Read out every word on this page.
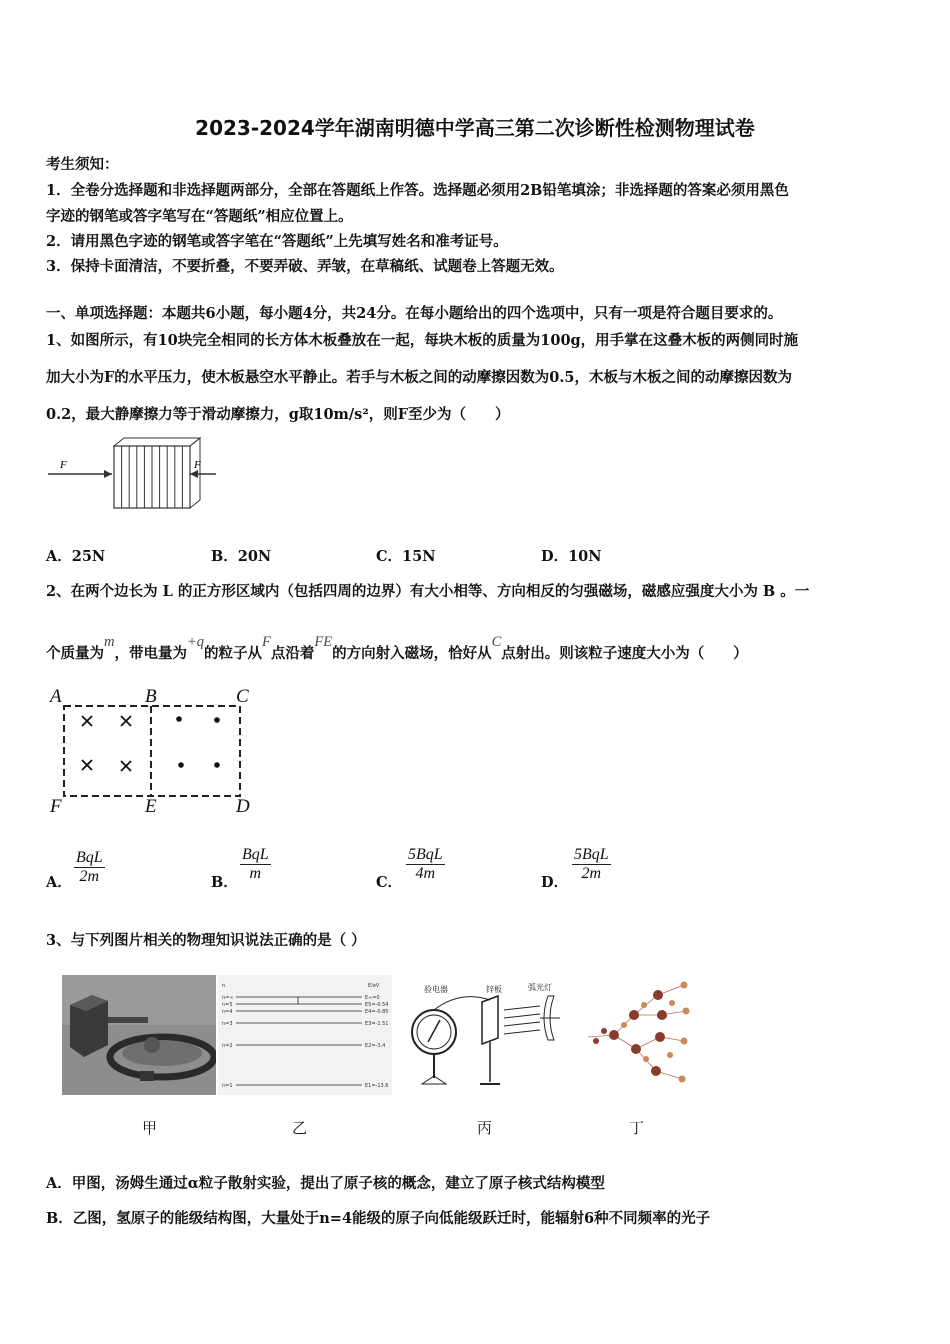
2023-2024学年湖南明德中学高三第二次诊断性检测物理试卷
考生须知：
1．全卷分选择题和非选择题两部分，全部在答题纸上作答。选择题必须用2B铅笔填涂；非选择题的答案必须用黑色
字迹的钢笔或答字笔写在“答题纸”相应位置上。
2．请用黑色字迹的钢笔或答字笔在“答题纸”上先填写姓名和准考证号。
3．保持卡面清洁，不要折叠，不要弄破、弄皱，在草稿纸、试题卷上答题无效。
一、单项选择题：本题共6小题，每小题4分，共24分。在每小题给出的四个选项中，只有一项是符合题目要求的。
1、如图所示，有10块完全相同的长方体木板叠放在一起，每块木板的质量为100g，用手掌在这叠木板的两侧同时施
加大小为F的水平压力，使木板悬空水平静止。若手与木板之间的动摩擦因数为0.5，木板与木板之间的动摩擦因数为
0.2，最大静摩擦力等于滑动摩擦力，g取10m/s²，则F至少为（　　）
F	F
A．25N	B．20N	C．15N	D．10N
2、在两个边长为 L 的正方形区域内（包括四周的边界）有大小相等、方向相反的匀强磁场，磁感应强度大小为 B 。一
个质量为m，带电量为+q的粒子从F点沿着FE的方向射入磁场，恰好从C点射出。则该粒子速度大小为（　　）
A	B	C
D
E
F
A．
BqL
2m	B．
BqL
m
C．
5BqL
4m
D．
5BqL
2m
3、与下列图片相关的物理知识说法正确的是（ ）
n	E/eV
n=∞
n=5
n=4
n=3
n=2
n=1
E∞=0
E5=-0.54
E4=-0.85
E3=-1.51
E2=-3.4
E1=-13.6
验电器	锌板	弧光灯
甲	乙	丙	丁
A．甲图，汤姆生通过α粒子散射实验，提出了原子核的概念，建立了原子核式结构模型
B．乙图，氢原子的能级结构图，大量处于n=4能级的原子向低能级跃迁时，能辐射6种不同频率的光子
